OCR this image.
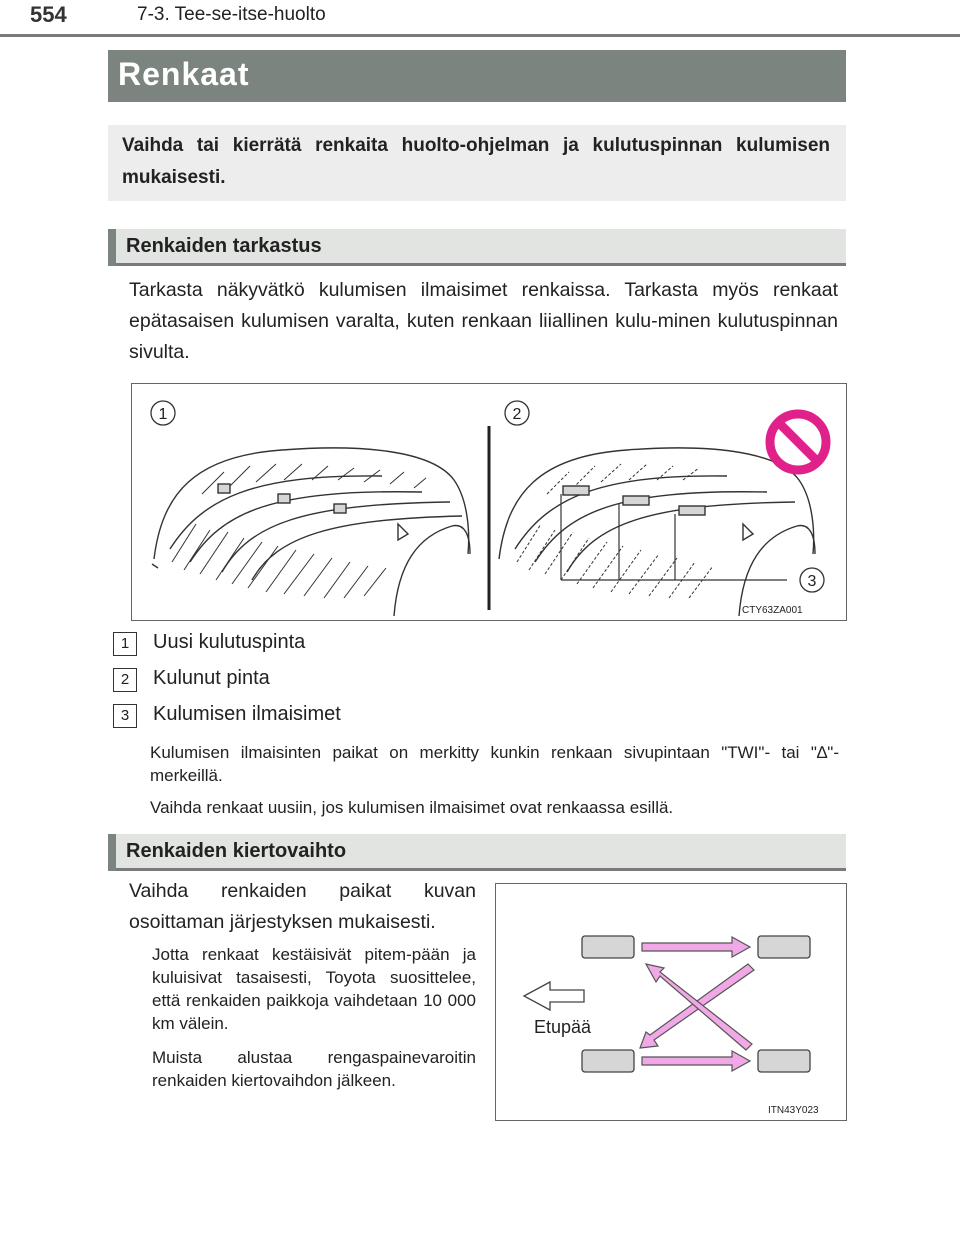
554	7-3. Tee-se-itse-huolto
Renkaat
Vaihda tai kierrätä renkaita huolto-ohjelman ja kulutuspinnan kulumisen mukaisesti.
Renkaiden tarkastus
Tarkasta näkyvätkö kulumisen ilmaisimet renkaissa. Tarkasta myös renkaat epätasaisen kulumisen varalta, kuten renkaan liiallinen kulu-minen kulutuspinnan sivulta.
1	2
3
CTY63ZA001
1	Uusi kulutuspinta
2	Kulunut pinta
3	Kulumisen ilmaisimet
Kulumisen ilmaisinten paikat on merkitty kunkin renkaan sivupintaan "TWI"- tai "∆"-merkeillä.
Vaihda renkaat uusiin, jos kulumisen ilmaisimet ovat renkaassa esillä.
Renkaiden kiertovaihto
Vaihda renkaiden paikat kuvan osoittaman järjestyksen mukaisesti.
Jotta renkaat kestäisivät pitem-pään ja kuluisivat tasaisesti, Toyota suosittelee, että renkaiden paikkoja vaihdetaan 10 000 km välein.
Muista alustaa rengaspainevaroitin renkaiden kiertovaihdon jälkeen.
Etupää
ITN43Y023
